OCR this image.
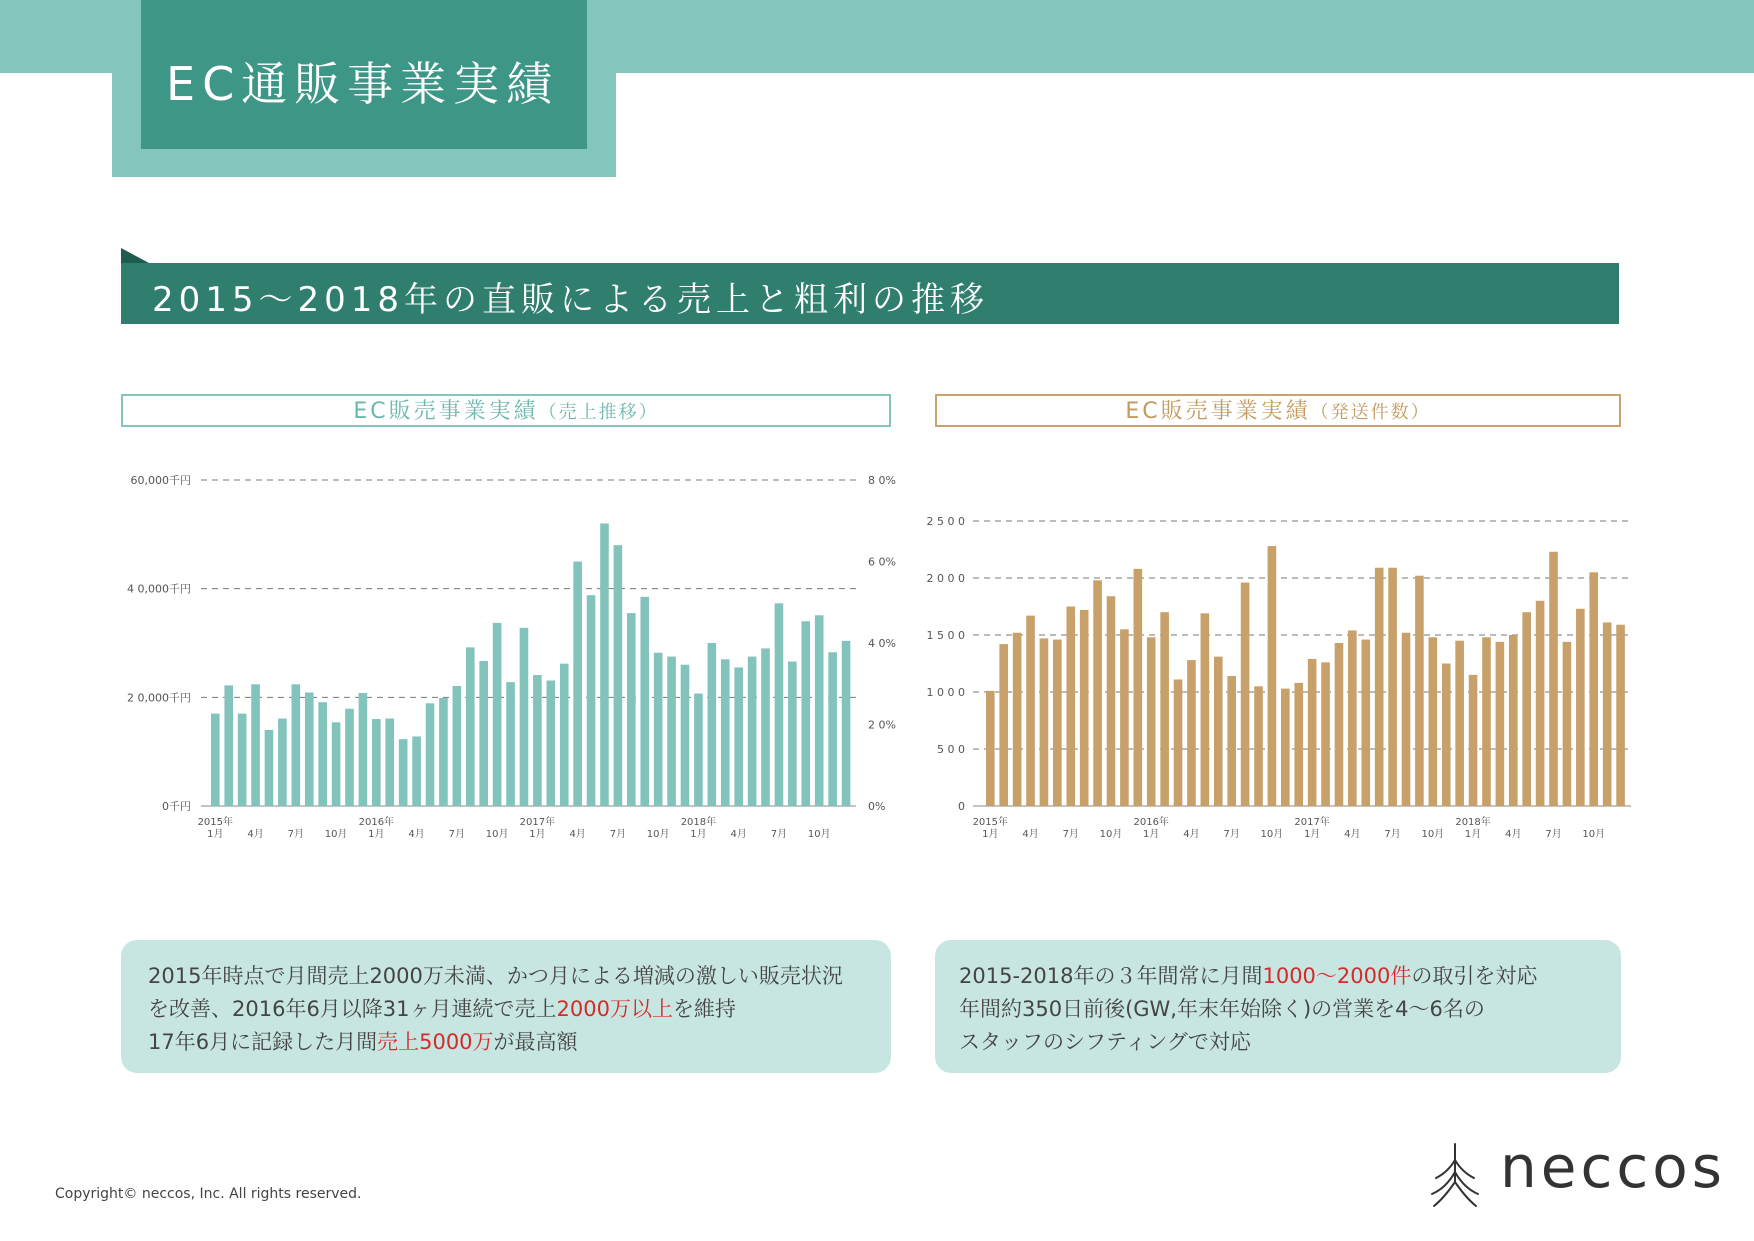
EC通販事業実績
2015～2018年の直販による売上と粗利の推移
EC販売事業実績（売上推移）	EC販売事業実績（発送件数）
0千円
2 0,000千円
4 0,000千円
60,000千円
0%
2 0%
4 0%
6 0%
8 0%
2015年
1月 4月 7月 10月
2016年
1月 4月 7月 10月
2017年
1月 4月 7月 10月
2018年
1月 4月 7月 10月
0
5 0 0
1 0 0 0
1 5 0 0
2 0 0 0
2 5 0 0
2015年
1月 4月 7月 10月
2016年
1月 4月 7月 10月
2017年
1月 4月 7月 10月
2018年
1月 4月 7月 10月

2015年時点で月間売上2000万未満、かつ月による増減の激しい販売状況

を改善、2016年6月以降31ヶ月連続で売上2000万以上を維持

17年6月に記録した月間売上5000万が最高額

2015-2018年の３年間常に月間1000～2000件の取引を対応

年間約350日前後(GW,年末年始除く)の営業を4～6名の

スタッフのシフティングで対応

Copyright© neccos, Inc. All rights reserved.	neccos
